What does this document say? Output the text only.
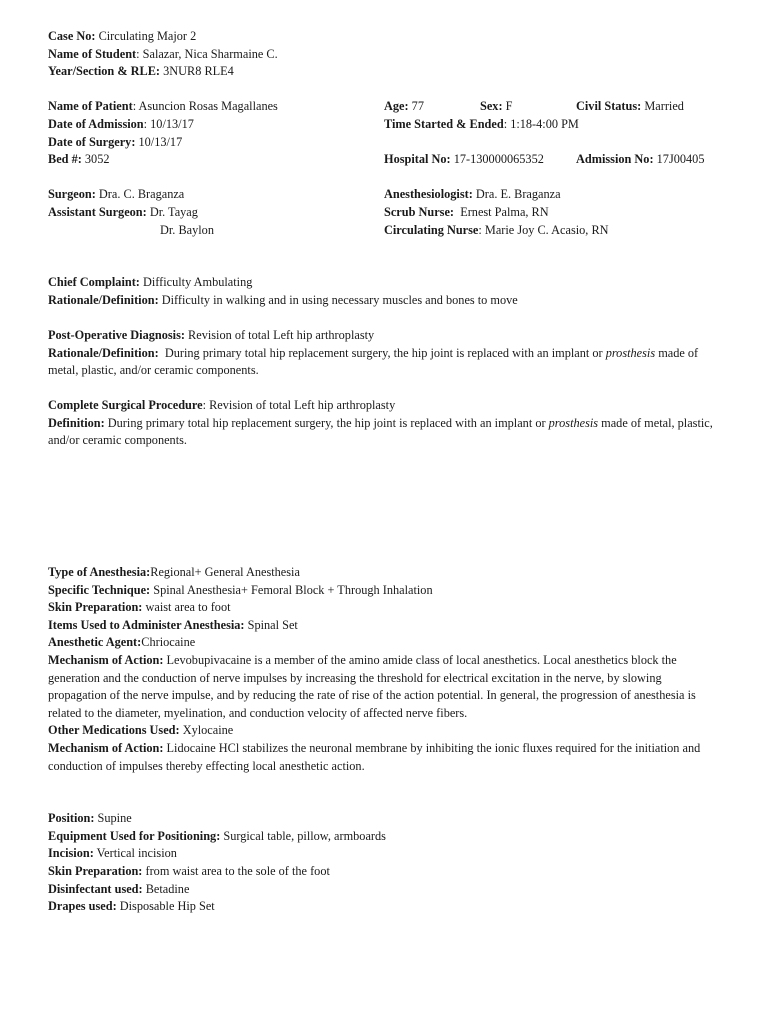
Case No: Circulating Major 2
Name of Student: Salazar, Nica Sharmaine C.
Year/Section & RLE: 3NUR8 RLE4
Name of Patient: Asuncion Rosas Magallanes	Age: 77	Sex: F	Civil Status: Married
Date of Admission: 10/13/17	Time Started & Ended: 1:18-4:00 PM
Date of Surgery: 10/13/17
Bed #: 3052	Hospital No: 17-130000065352	Admission No: 17J00405
Surgeon: Dra. C. Braganza	Anesthesiologist: Dra. E. Braganza
Assistant Surgeon: Dr. Tayag	Scrub Nurse: Ernest Palma, RN
Dr. Baylon	Circulating Nurse: Marie Joy C. Acasio, RN
Chief Complaint: Difficulty Ambulating
Rationale/Definition: Difficulty in walking and in using necessary muscles and bones to move
Post-Operative Diagnosis: Revision of total Left hip arthroplasty
Rationale/Definition: During primary total hip replacement surgery, the hip joint is replaced with an implant or prosthesis made of metal, plastic, and/or ceramic components.
Complete Surgical Procedure: Revision of total Left hip arthroplasty
Definition: During primary total hip replacement surgery, the hip joint is replaced with an implant or prosthesis made of metal, plastic, and/or ceramic components.
Type of Anesthesia:Regional+ General Anesthesia
Specific Technique: Spinal Anesthesia+ Femoral Block + Through Inhalation
Skin Preparation: waist area to foot
Items Used to Administer Anesthesia: Spinal Set
Anesthetic Agent:Chriocaine
Mechanism of Action: Levobupivacaine is a member of the amino amide class of local anesthetics. Local anesthetics block the generation and the conduction of nerve impulses by increasing the threshold for electrical excitation in the nerve, by slowing propagation of the nerve impulse, and by reducing the rate of rise of the action potential. In general, the progression of anesthesia is related to the diameter, myelination, and conduction velocity of affected nerve fibers.
Other Medications Used: Xylocaine
Mechanism of Action: Lidocaine HCl stabilizes the neuronal membrane by inhibiting the ionic fluxes required for the initiation and conduction of impulses thereby effecting local anesthetic action.
Position: Supine
Equipment Used for Positioning: Surgical table, pillow, armboards
Incision: Vertical incision
Skin Preparation: from waist area to the sole of the foot
Disinfectant used: Betadine
Drapes used: Disposable Hip Set
